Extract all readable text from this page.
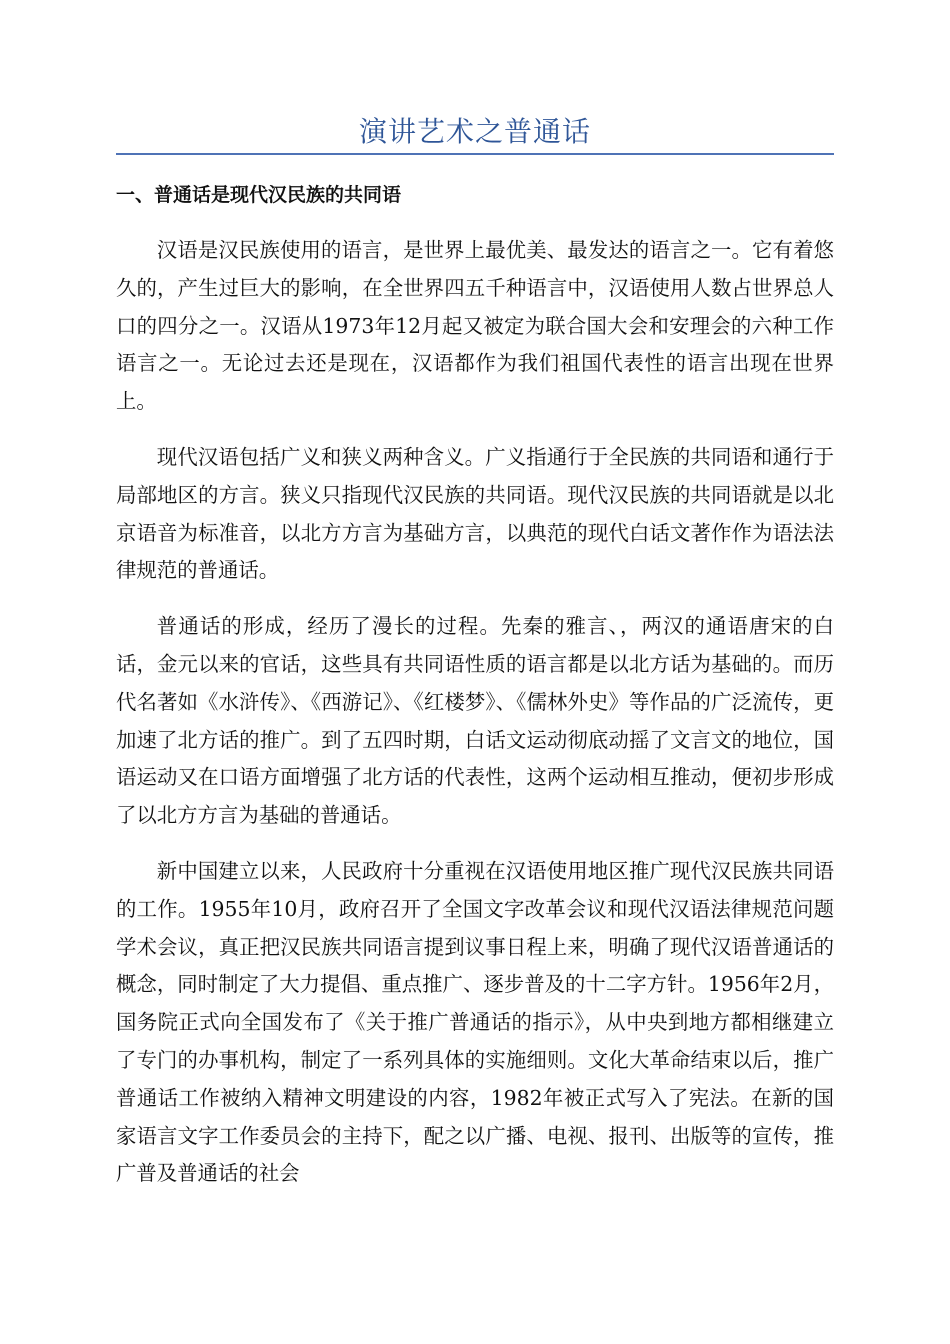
演讲艺术之普通话
一、普通话是现代汉民族的共同语

汉语是汉民族使用的语言，是世界上最优美、最发达的语言之一。它有着悠久的，产生过巨大的影响，在全世界四五千种语言中，汉语使用人数占世界总人口的四分之一。汉语从1973年12月起又被定为联合国大会和安理会的六种工作语言之一。无论过去还是现在，汉语都作为我们祖国代表性的语言出现在世界上。

现代汉语包括广义和狭义两种含义。广义指通行于全民族的共同语和通行于局部地区的方言。狭义只指现代汉民族的共同语。现代汉民族的共同语就是以北京语音为标准音，以北方方言为基础方言，以典范的现代白话文著作作为语法法律规范的普通话。

普通话的形成，经历了漫长的过程。先秦的雅言、，两汉的通语唐宋的白话，金元以来的官话，这些具有共同语性质的语言都是以北方话为基础的。而历代名著如《水浒传》、《西游记》、《红楼梦》、《儒林外史》等作品的广泛流传，更加速了北方话的推广。到了五四时期，白话文运动彻底动摇了文言文的地位，国语运动又在口语方面增强了北方话的代表性，这两个运动相互推动，便初步形成了以北方方言为基础的普通话。

新中国建立以来，人民政府十分重视在汉语使用地区推广现代汉民族共同语的工作。1955年10月，政府召开了全国文字改革会议和现代汉语法律规范问题学术会议，真正把汉民族共同语言提到议事日程上来，明确了现代汉语普通话的概念，同时制定了大力提倡、重点推广、逐步普及的十二字方针。1956年2月，国务院正式向全国发布了《关于推广普通话的指示》，从中央到地方都相继建立了专门的办事机构，制定了一系列具体的实施细则。文化大革命结束以后，推广普通话工作被纳入精神文明建设的内容，1982年被正式写入了宪法。在新的国家语言文字工作委员会的主持下，配之以广播、电视、报刊、出版等的宣传，推广普及普通话的社会
